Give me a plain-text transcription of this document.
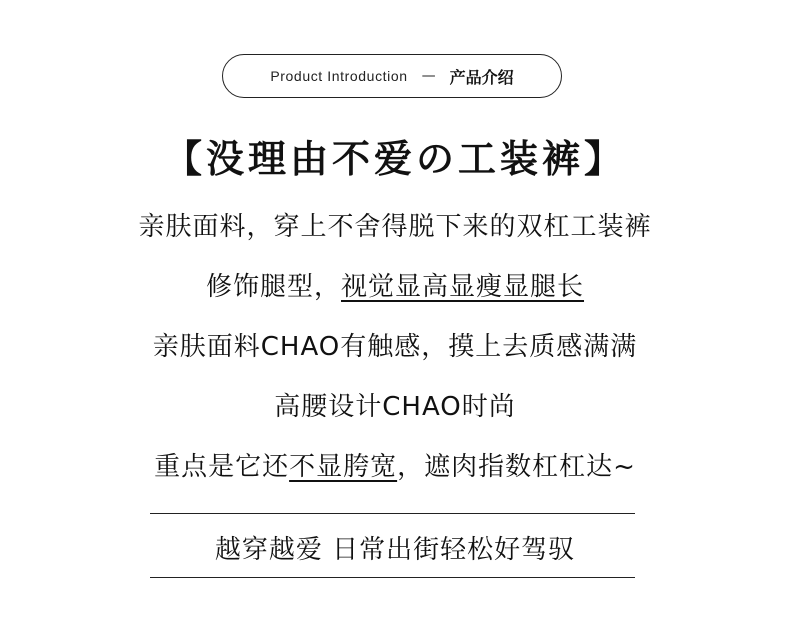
Product Introduction — 产品介绍
【没理由不爱の工装裤】
亲肤面料，穿上不舍得脱下来的双杠工装裤
修饰腿型，视觉显高显瘦显腿长
亲肤面料CHAO有触感，摸上去质感满满
高腰设计CHAO时尚
重点是它还不显胯宽，遮肉指数杠杠达~
越穿越爱 日常出街轻松好驾驭
